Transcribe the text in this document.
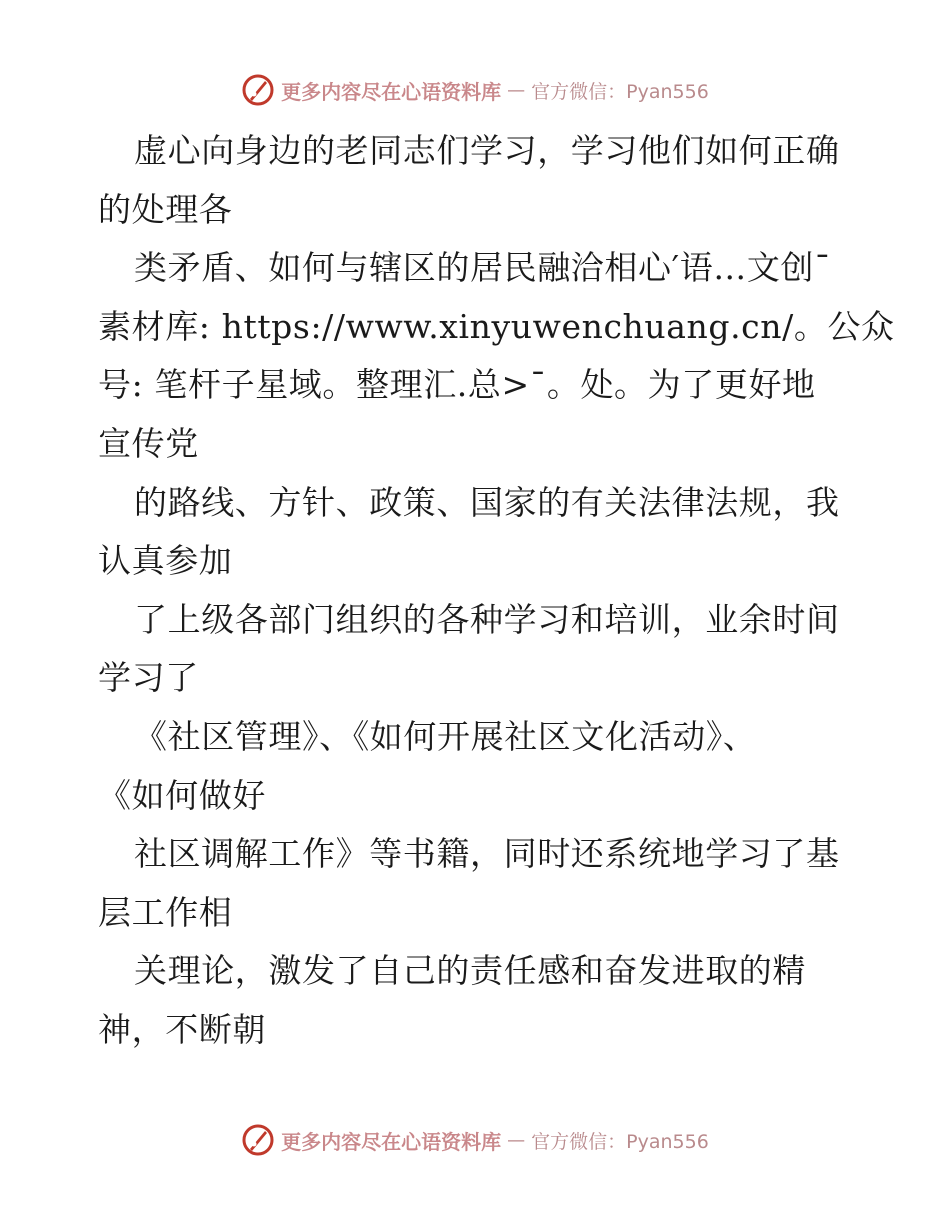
更多内容尽在心语资料库 — 官方微信：Pyan556
虚心向身边的老同志们学习，学习他们如何正确
的处理各
类矛盾、如何与辖区的居民融洽相心′语…文创¯
素材库: https://www.xinyuwenchuang.cn/。公众
号: 笔杆子星域。整理汇.总>¯。处。为了更好地
宣传党
的路线、方针、政策、国家的有关法律法规，我
认真参加
了上级各部门组织的各种学习和培训，业余时间
学习了
《社区管理》、《如何开展社区文化活动》、
《如何做好
社区调解工作》等书籍，同时还系统地学习了基
层工作相
关理论，激发了自己的责任感和奋发进取的精
神，不断朝
更多内容尽在心语资料库 — 官方微信：Pyan556
